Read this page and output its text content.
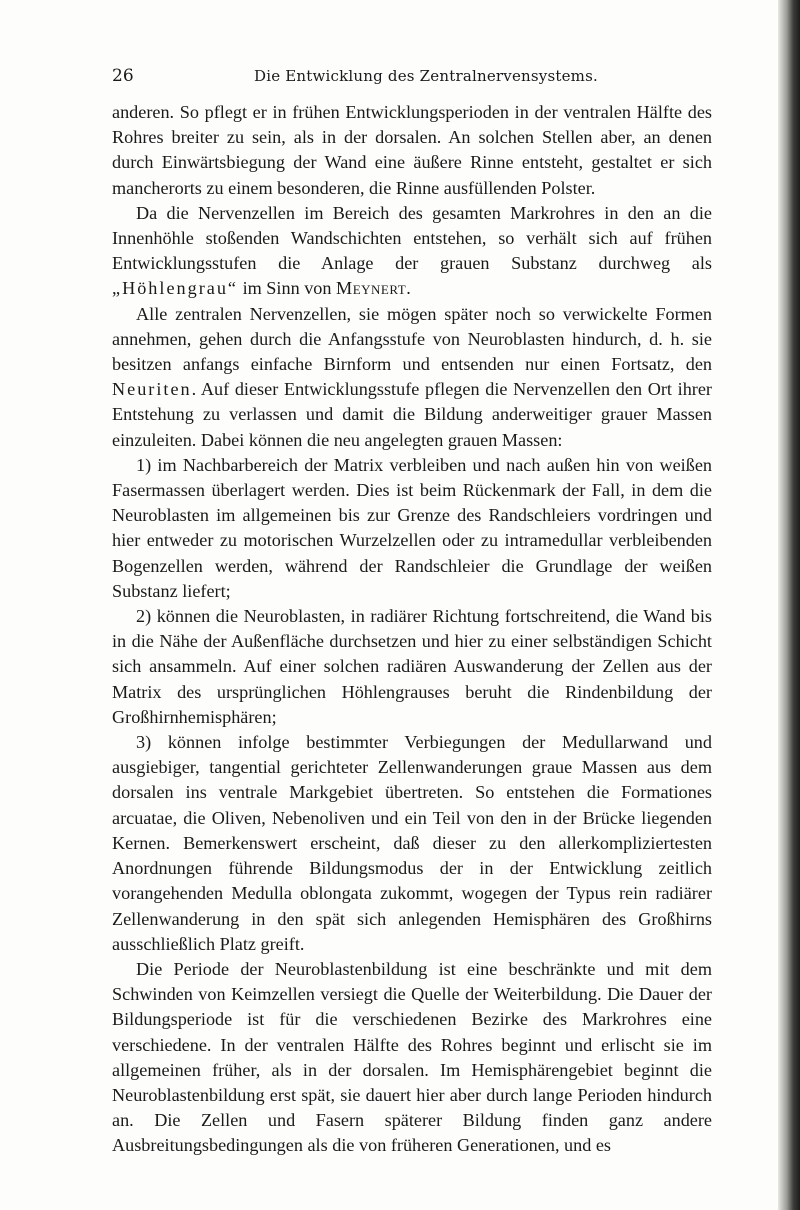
26	Die Entwicklung des Zentralnervensystems.

anderen. So pflegt er in frühen Entwicklungsperioden in der ventralen Hälfte des Rohres breiter zu sein, als in der dorsalen. An solchen Stellen aber, an denen durch Einwärtsbiegung der Wand eine äußere Rinne entsteht, gestaltet er sich mancherorts zu einem besonderen, die Rinne ausfüllenden Polster.

Da die Nervenzellen im Bereich des gesamten Markrohres in den an die Innenhöhle stoßenden Wandschichten entstehen, so verhält sich auf frühen Entwicklungsstufen die Anlage der grauen Substanz durchweg als „Höhlengrau“ im Sinn von Meynert.

Alle zentralen Nervenzellen, sie mögen später noch so verwickelte Formen annehmen, gehen durch die Anfangsstufe von Neuroblasten hindurch, d. h. sie besitzen anfangs einfache Birnform und entsenden nur einen Fortsatz, den Neuriten. Auf dieser Entwicklungsstufe pflegen die Nervenzellen den Ort ihrer Entstehung zu verlassen und damit die Bildung anderweitiger grauer Massen einzuleiten. Dabei können die neu angelegten grauen Massen:

1) im Nachbarbereich der Matrix verbleiben und nach außen hin von weißen Fasermassen überlagert werden. Dies ist beim Rückenmark der Fall, in dem die Neuroblasten im allgemeinen bis zur Grenze des Randschleiers vordringen und hier entweder zu motorischen Wurzelzellen oder zu intramedullar verbleibenden Bogenzellen werden, während der Randschleier die Grundlage der weißen Substanz liefert;

2) können die Neuroblasten, in radiärer Richtung fortschreitend, die Wand bis in die Nähe der Außenfläche durchsetzen und hier zu einer selbständigen Schicht sich ansammeln. Auf einer solchen radiären Auswanderung der Zellen aus der Matrix des ursprünglichen Höhlengrauses beruht die Rindenbildung der Großhirnhemisphären;

3) können infolge bestimmter Verbiegungen der Medullarwand und ausgiebiger, tangential gerichteter Zellenwanderungen graue Massen aus dem dorsalen ins ventrale Markgebiet übertreten. So entstehen die Formationes arcuatae, die Oliven, Nebenoliven und ein Teil von den in der Brücke liegenden Kernen. Bemerkenswert erscheint, daß dieser zu den allerkompliziertesten Anordnungen führende Bildungsmodus der in der Entwicklung zeitlich vorangehenden Medulla oblongata zukommt, wogegen der Typus rein radiärer Zellenwanderung in den spät sich anlegenden Hemisphären des Großhirns ausschließlich Platz greift.

Die Periode der Neuroblastenbildung ist eine beschränkte und mit dem Schwinden von Keimzellen versiegt die Quelle der Weiterbildung. Die Dauer der Bildungsperiode ist für die verschiedenen Bezirke des Markrohres eine verschiedene. In der ventralen Hälfte des Rohres beginnt und erlischt sie im allgemeinen früher, als in der dorsalen. Im Hemisphärengebiet beginnt die Neuroblastenbildung erst spät, sie dauert hier aber durch lange Perioden hindurch an. Die Zellen und Fasern späterer Bildung finden ganz andere Ausbreitungsbedingungen als die von früheren Generationen, und es
